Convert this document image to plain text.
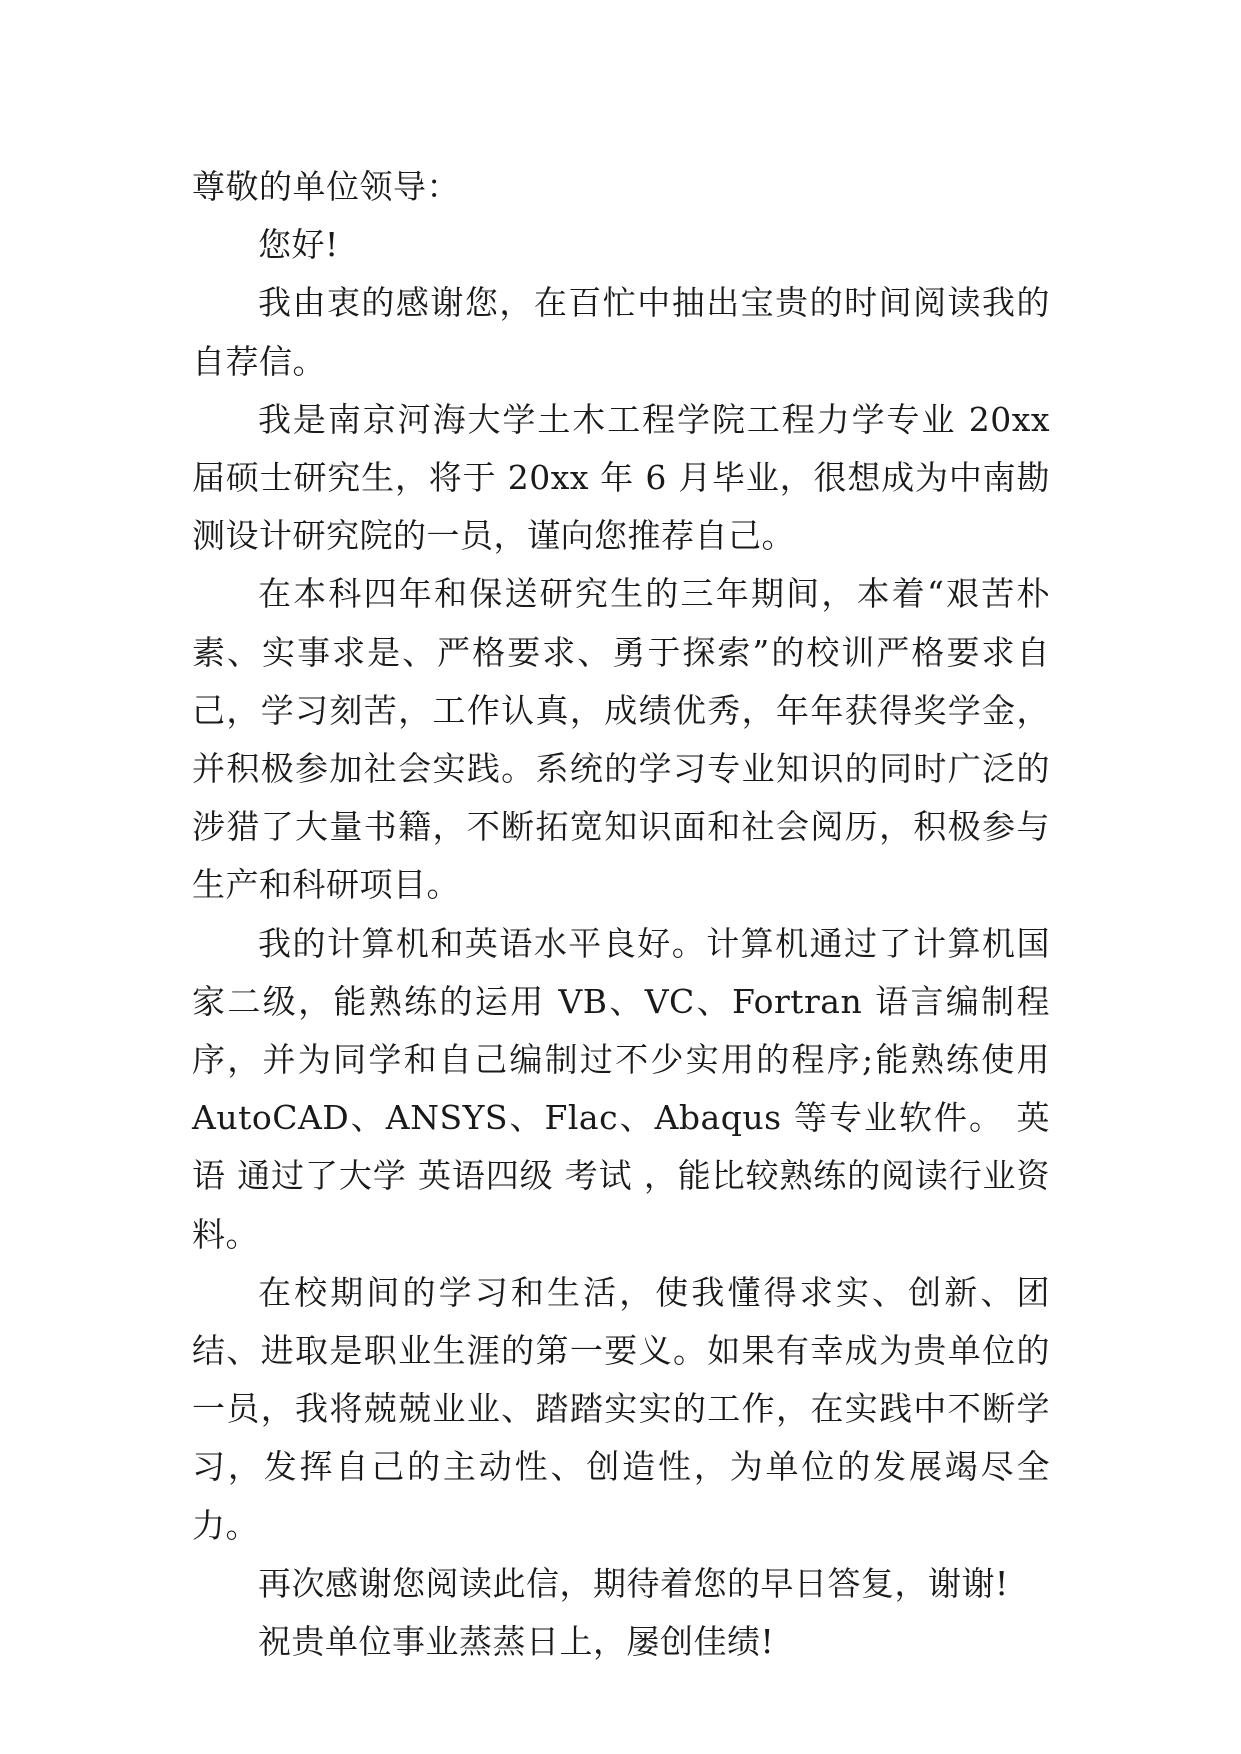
尊敬的单位领导：

您好!

我由衷的感谢您，在百忙中抽出宝贵的时间阅读我的自荐信。

我是南京河海大学土木工程学院工程力学专业 20xx 届硕士研究生，将于 20xx 年 6 月毕业，很想成为中南勘测设计研究院的一员，谨向您推荐自己。

在本科四年和保送研究生的三年期间，本着“艰苦朴素、实事求是、严格要求、勇于探索”的校训严格要求自己，学习刻苦，工作认真，成绩优秀，年年获得奖学金，并积极参加社会实践。系统的学习专业知识的同时广泛的涉猎了大量书籍，不断拓宽知识面和社会阅历，积极参与生产和科研项目。

我的计算机和英语水平良好。计算机通过了计算机国家二级，能熟练的运用 VB、VC、Fortran 语言编制程序，并为同学和自己编制过不少实用的程序;能熟练使用 AutoCAD、ANSYS、Flac、Abaqus 等专业软件。 英语 通过了大学 英语四级 考试 ，能比较熟练的阅读行业资料。

在校期间的学习和生活，使我懂得求实、创新、团结、进取是职业生涯的第一要义。如果有幸成为贵单位的一员，我将兢兢业业、踏踏实实的工作，在实践中不断学习，发挥自己的主动性、创造性，为单位的发展竭尽全力。

再次感谢您阅读此信，期待着您的早日答复，谢谢!

祝贵单位事业蒸蒸日上，屡创佳绩!
